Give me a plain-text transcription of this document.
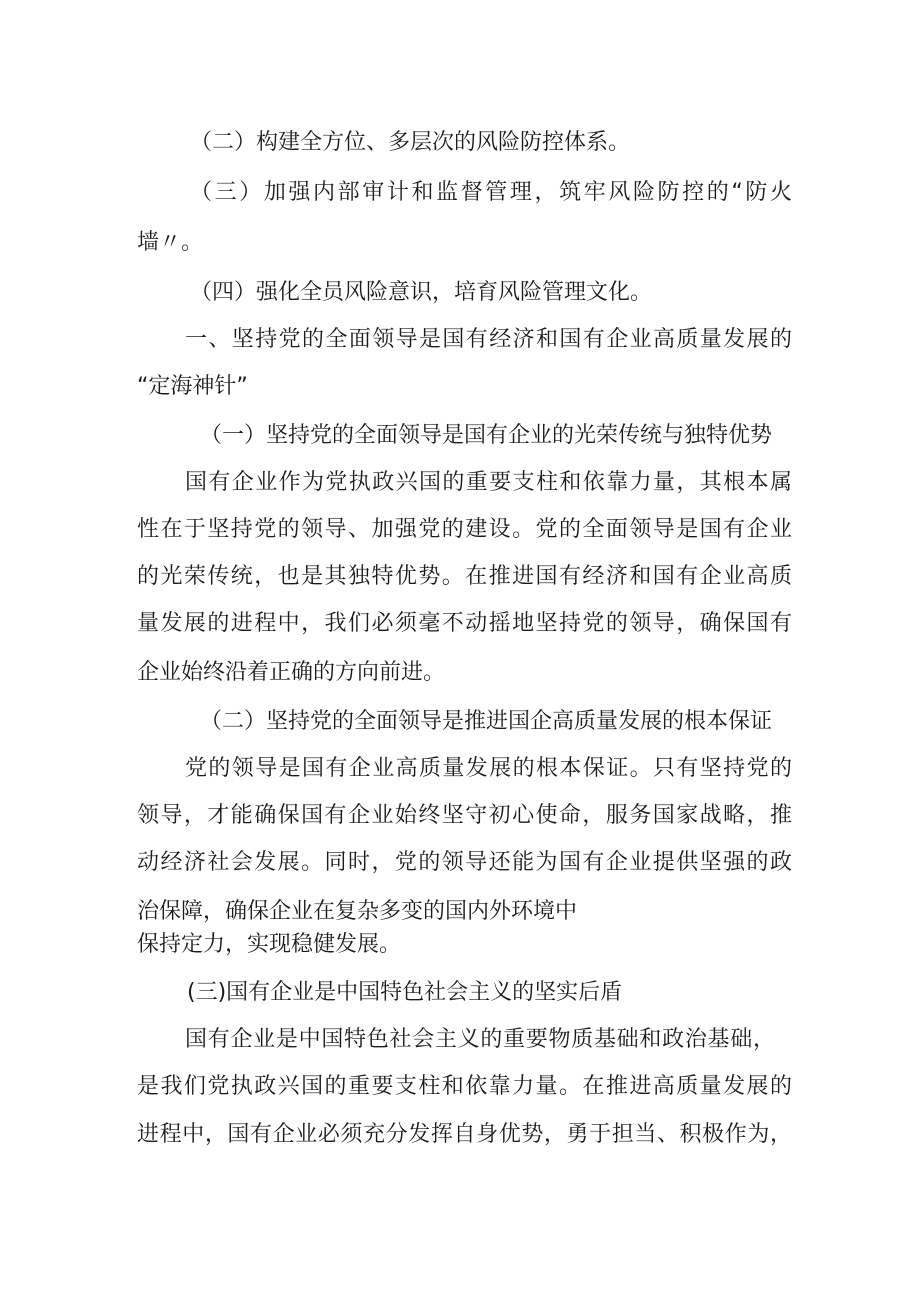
（二）构建全方位、多层次的风险防控体系。
（三）加强内部审计和监督管理，筑牢风险防控的“防火
墙〃。
（四）强化全员风险意识，培育风险管理文化。
一、坚持党的全面领导是国有经济和国有企业高质量发展的
“定海神针”
（一）坚持党的全面领导是国有企业的光荣传统与独特优势
国有企业作为党执政兴国的重要支柱和依靠力量，其根本属
性在于坚持党的领导、加强党的建设。党的全面领导是国有企业
的光荣传统，也是其独特优势。在推进国有经济和国有企业高质
量发展的进程中，我们必须毫不动摇地坚持党的领导，确保国有
企业始终沿着正确的方向前进。
（二）坚持党的全面领导是推进国企高质量发展的根本保证
党的领导是国有企业高质量发展的根本保证。只有坚持党的
领导，才能确保国有企业始终坚守初心使命，服务国家战略，推
动经济社会发展。同时，党的领导还能为国有企业提供坚强的政
治保障，确保企业在复杂多变的国内外环境中
保持定力，实现稳健发展。
(三)国有企业是中国特色社会主义的坚实后盾
国有企业是中国特色社会主义的重要物质基础和政治基础，
是我们党执政兴国的重要支柱和依靠力量。在推进高质量发展的
进程中，国有企业必须充分发挥自身优势，勇于担当、积极作为，
